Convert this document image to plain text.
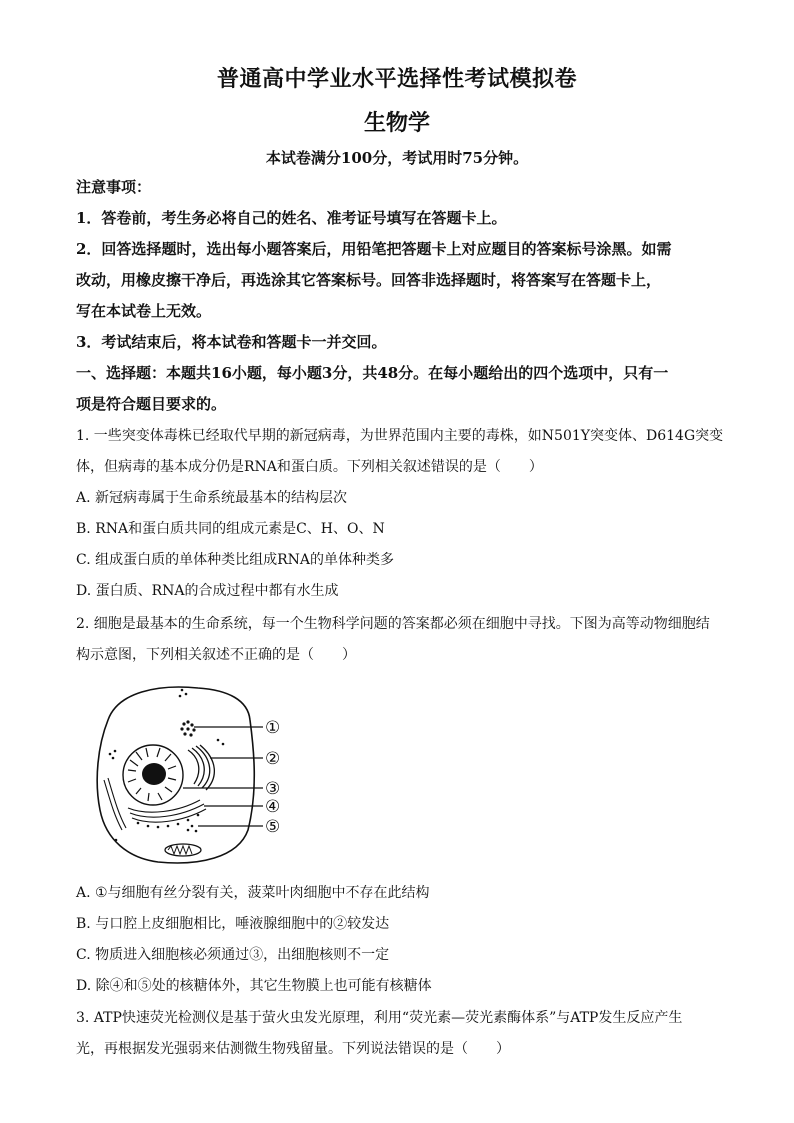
普通高中学业水平选择性考试模拟卷
生物学
本试卷满分100分，考试用时75分钟。

注意事项：

1．答卷前，考生务必将自己的姓名、准考证号填写在答题卡上。

2．回答选择题时，选出每小题答案后，用铅笔把答题卡上对应题目的答案标号涂黑。如需

改动，用橡皮擦干净后，再选涂其它答案标号。回答非选择题时，将答案写在答题卡上，

写在本试卷上无效。

3．考试结束后，将本试卷和答题卡一并交回。

一、选择题：本题共16小题，每小题3分，共48分。在每小题给出的四个选项中，只有一

项是符合题目要求的。

1. 一些突变体毒株已经取代早期的新冠病毒，为世界范围内主要的毒株，如N501Y突变体、D614G突变

体，但病毒的基本成分仍是RNA和蛋白质。下列相关叙述错误的是（　　）

A. 新冠病毒属于生命系统最基本的结构层次

B. RNA和蛋白质共同的组成元素是C、H、O、N

C. 组成蛋白质的单体种类比组成RNA的单体种类多

D. 蛋白质、RNA的合成过程中都有水生成

2. 细胞是最基本的生命系统，每一个生物科学问题的答案都必须在细胞中寻找。下图为高等动物细胞结

构示意图，下列相关叙述不正确的是（　　）

①
②
③
④
⑤

A. ①与细胞有丝分裂有关，菠菜叶肉细胞中不存在此结构

B. 与口腔上皮细胞相比，唾液腺细胞中的②较发达

C. 物质进入细胞核必须通过③，出细胞核则不一定

D. 除④和⑤处的核糖体外，其它生物膜上也可能有核糖体

3. ATP快速荧光检测仪是基于萤火虫发光原理，利用“荧光素—荧光素酶体系”与ATP发生反应产生

光，再根据发光强弱来估测微生物残留量。下列说法错误的是（　　）
